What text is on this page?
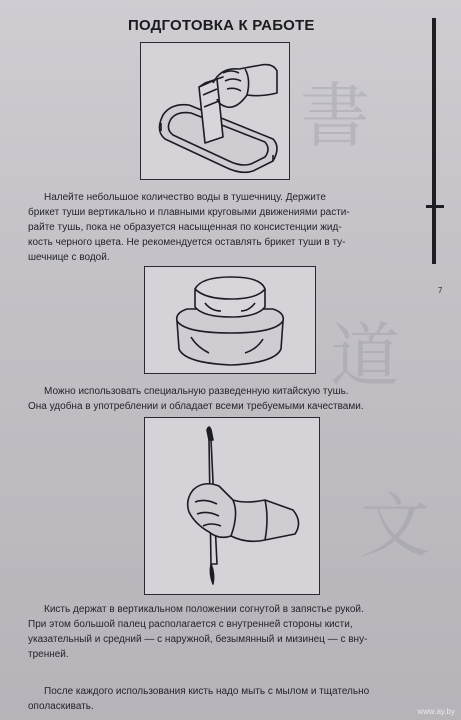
書
道
文
ПОДГОТОВКА К РАБОТЕ
7
Налейте небольшое количество воды в тушечницу. Держите
брикет туши вертикально и плавными круговыми движениями расти-
райте тушь, пока не образуется насыщенная по консистенции жид-
кость черного цвета. Не рекомендуется оставлять брикет туши в ту-
шечнице с водой.
Можно использовать специальную разведенную китайскую тушь.
Она удобна в употреблении и обладает всеми требуемыми качествами.
Кисть держат в вертикальном положении согнутой в запястье рукой.
При этом большой палец располагается с внутренней стороны кисти,
указательный и средний — с наружной, безымянный и мизинец — с вну-
тренней.
После каждого использования кисть надо мыть с мылом и тщательно
ополаскивать.	www.ay.by
